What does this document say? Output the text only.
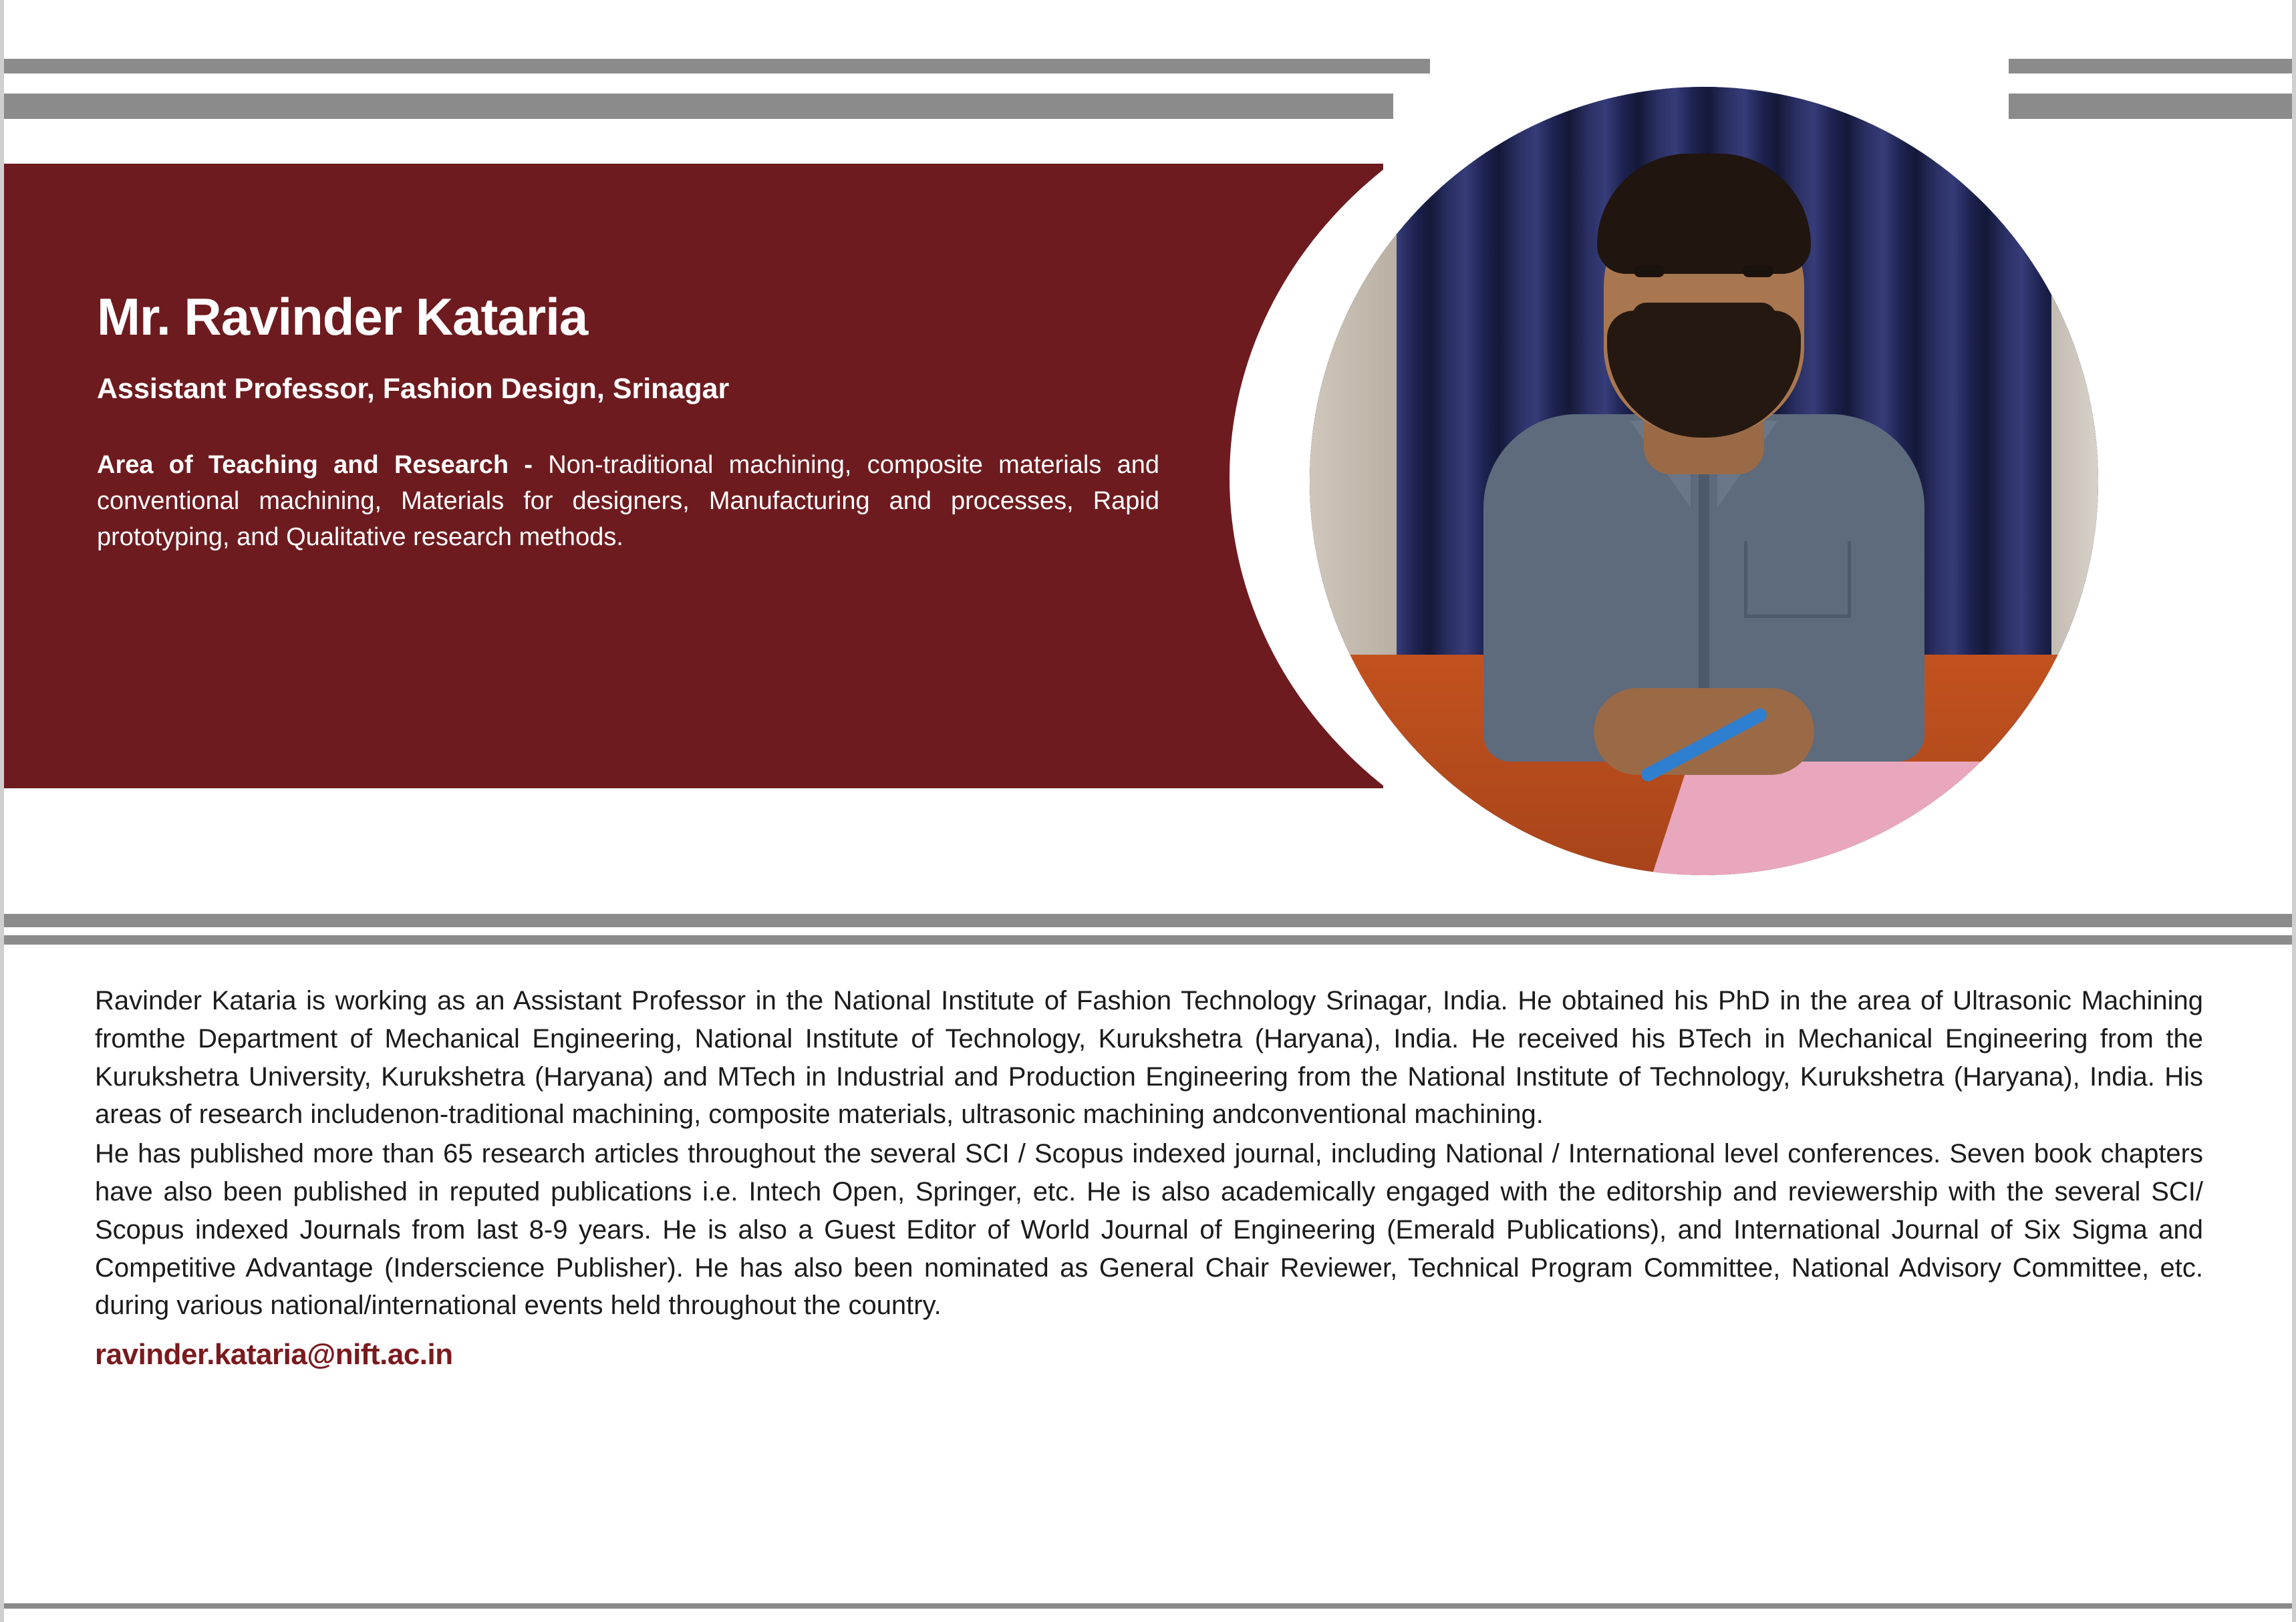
Mr. Ravinder Kataria
Assistant Professor, Fashion Design, Srinagar

Area of Teaching and Research - Non-traditional machining, composite materials and conventional machining, Materials for designers, Manufacturing and processes, Rapid prototyping, and Qualitative research methods.

Ravinder Kataria is working as an Assistant Professor in the National Institute of Fashion Technology Srinagar, India. He obtained his PhD in the area of Ultrasonic Machining fromthe Department of Mechanical Engineering, National Institute of Technology, Kurukshetra (Haryana), India. He received his BTech in Mechanical Engineering from the Kurukshetra University, Kurukshetra (Haryana) and MTech in Industrial and Production Engineering from the National Institute of Technology, Kurukshetra (Haryana), India. His areas of research includenon-traditional machining, composite materials, ultrasonic machining andconventional machining.

He has published more than 65 research articles throughout the several SCI / Scopus indexed journal, including National / International level conferences. Seven book chapters have also been published in reputed publications i.e. Intech Open, Springer, etc. He is also academically engaged with the editorship and reviewership with the several SCI/ Scopus indexed Journals from last 8-9 years. He is also a Guest Editor of World Journal of Engineering (Emerald Publications), and International Journal of Six Sigma and Competitive Advantage (Inderscience Publisher). He has also been nominated as General Chair Reviewer, Technical Program Committee, National Advisory Committee, etc. during various national/international events held throughout the country.

ravinder.kataria@nift.ac.in
